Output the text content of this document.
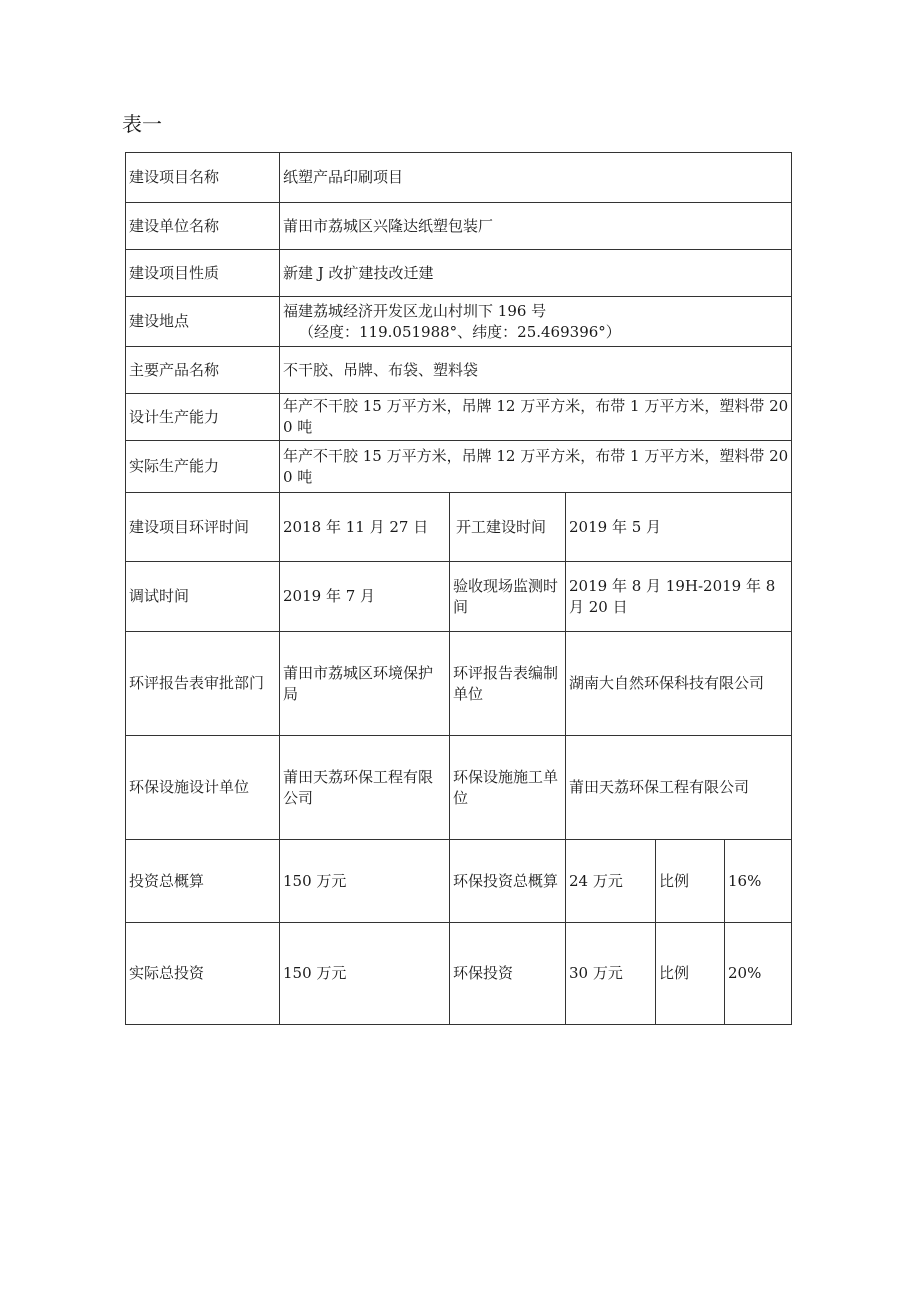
表一
建设项目名称	纸塑产品印刷项目				
建设单位名称	莆田市荔城区兴隆达纸塑包装厂				
建设项目性质	新建 J 改扩建技改迁建				
建设地点	福建荔城经济开发区龙山村圳下 196 号
（经度：119.051988°、纬度：25.469396°）				

主要产品名称	不干胶、吊牌、布袋、塑料袋				
设计生产能力	年产不干胶 15 万平方米，吊牌 12 万平方米，布带 1 万平方米，塑料带 200 吨				
实际生产能力	年产不干胶 15 万平方米，吊牌 12 万平方米，布带 1 万平方米，塑料带 200 吨				
建设项目环评时间	2018 年 11 月 27 日	开工建设时间	2019 年 5 月		
调试时间	2019 年 7 月	验收现场监测时间	2019 年 8 月 19H-2019 年 8 月 20 日		
环评报告表审批部门	莆田市荔城区环境保护局	环评报告表编制单位	湖南大自然环保科技有限公司		
环保设施设计单位	莆田天荔环保工程有限公司	环保设施施工单位	莆田天荔环保工程有限公司		
投资总概算	150 万元	环保投资总概算	24 万元	比例	16%
实际总投资	150 万元	环保投资	30 万元	比例	20%
